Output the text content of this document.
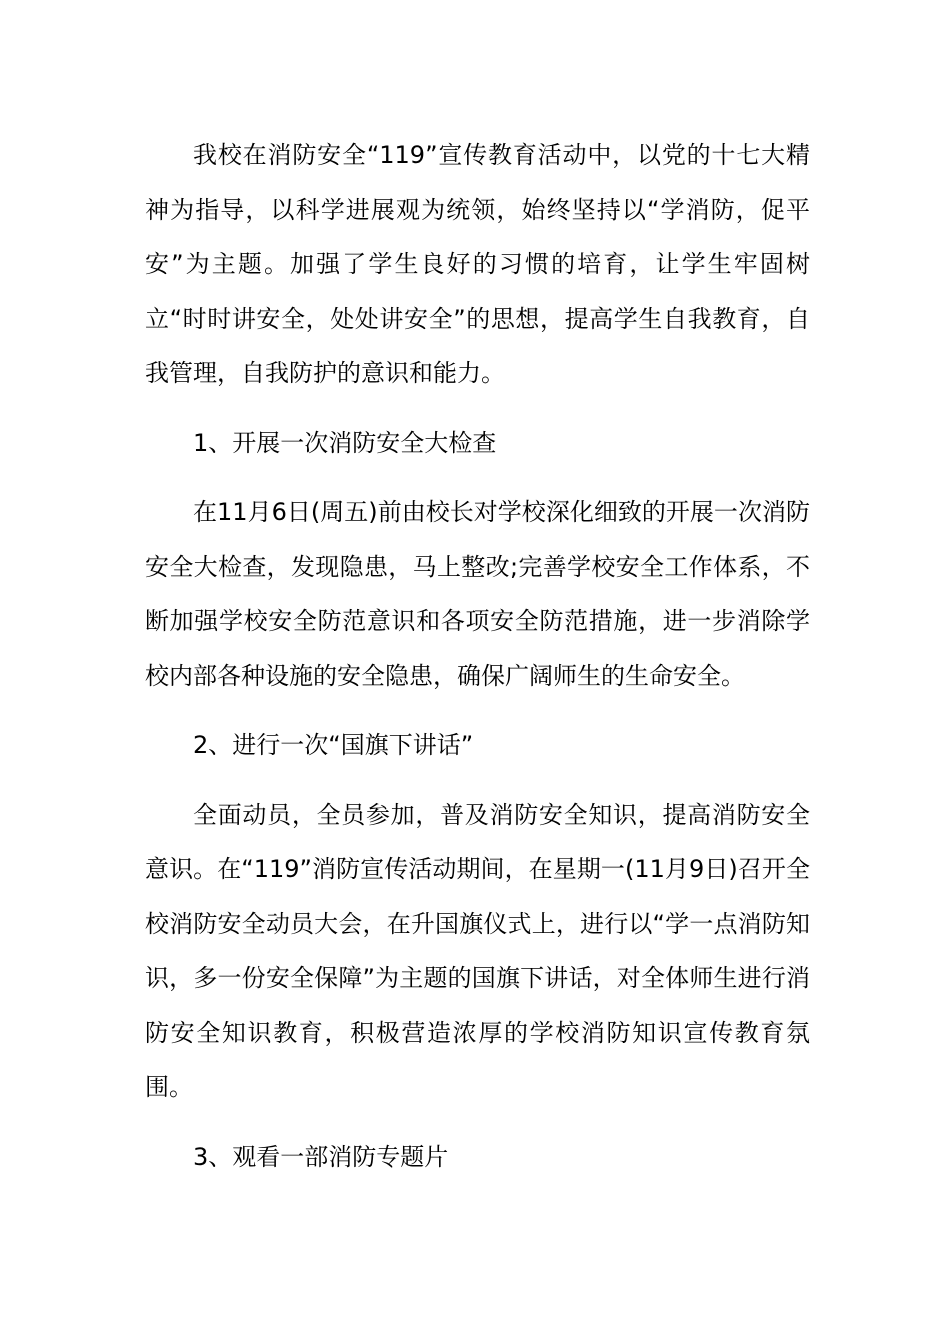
我校在消防安全“119”宣传教育活动中，以党的十七大精神为指导，以科学进展观为统领，始终坚持以“学消防，促平安”为主题。加强了学生良好的习惯的培育，让学生牢固树立“时时讲安全，处处讲安全”的思想，提高学生自我教育，自我管理，自我防护的意识和能力。

1、开展一次消防安全大检查

在11月6日(周五)前由校长对学校深化细致的开展一次消防安全大检查，发现隐患，马上整改;完善学校安全工作体系，不断加强学校安全防范意识和各项安全防范措施，进一步消除学校内部各种设施的安全隐患，确保广阔师生的生命安全。

2、进行一次“国旗下讲话”

全面动员，全员参加，普及消防安全知识，提高消防安全意识。在“119”消防宣传活动期间，在星期一(11月9日)召开全校消防安全动员大会，在升国旗仪式上，进行以“学一点消防知识，多一份安全保障”为主题的国旗下讲话，对全体师生进行消防安全知识教育，积极营造浓厚的学校消防知识宣传教育氛围。

3、观看一部消防专题片
